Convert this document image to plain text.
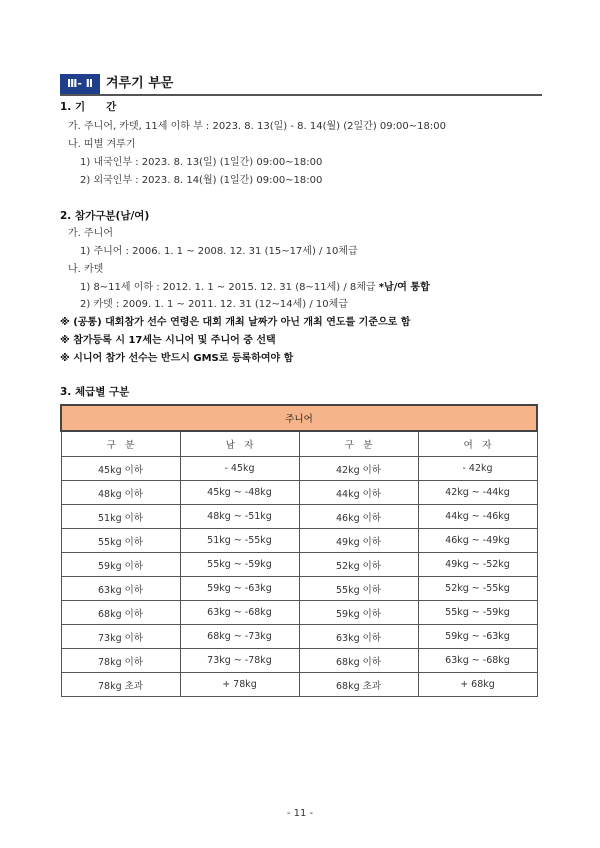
Ⅲ- Ⅱ 겨루기 부문
1. 기　　간
가. 주니어, 카뎃, 11세 이하 부 : 2023. 8. 13(일) - 8. 14(월) (2일간) 09:00~18:00
나. 띠별 겨루기
1) 내국인부 : 2023. 8. 13(일) (1일간) 09:00~18:00
2) 외국인부 : 2023. 8. 14(월) (1일간) 09:00~18:00
2. 참가구분(남/여)
가. 주니어
1) 주니어 : 2006. 1. 1 ~ 2008. 12. 31 (15~17세) / 10체급
나. 카뎃
1) 8~11세 이하 : 2012. 1. 1 ~ 2015. 12. 31 (8~11세) / 8체급 *남/여 통합
2) 카뎃 : 2009. 1. 1 ~ 2011. 12. 31 (12~14세) / 10체급
※ (공통) 대회참가 선수 연령은 대회 개최 날짜가 아닌 개최 연도를 기준으로 함
※ 참가등록 시 17세는 시니어 및 주니어 중 선택
※ 시니어 참가 선수는 반드시 GMS로 등록하여야 함
3. 체급별 구분
주니어			
구　분	남　자	구　분	여　자
45kg 이하	- 45kg	42kg 이하	- 42kg
48kg 이하	45kg ~ -48kg	44kg 이하	42kg ~ -44kg
51kg 이하	48kg ~ -51kg	46kg 이하	44kg ~ -46kg
55kg 이하	51kg ~ -55kg	49kg 이하	46kg ~ -49kg
59kg 이하	55kg ~ -59kg	52kg 이하	49kg ~ -52kg
63kg 이하	59kg ~ -63kg	55kg 이하	52kg ~ -55kg
68kg 이하	63kg ~ -68kg	59kg 이하	55kg ~ -59kg
73kg 이하	68kg ~ -73kg	63kg 이하	59kg ~ -63kg
78kg 이하	73kg ~ -78kg	68kg 이하	63kg ~ -68kg
78kg 초과	+ 78kg	68kg 초과	+ 68kg
- 11 -
